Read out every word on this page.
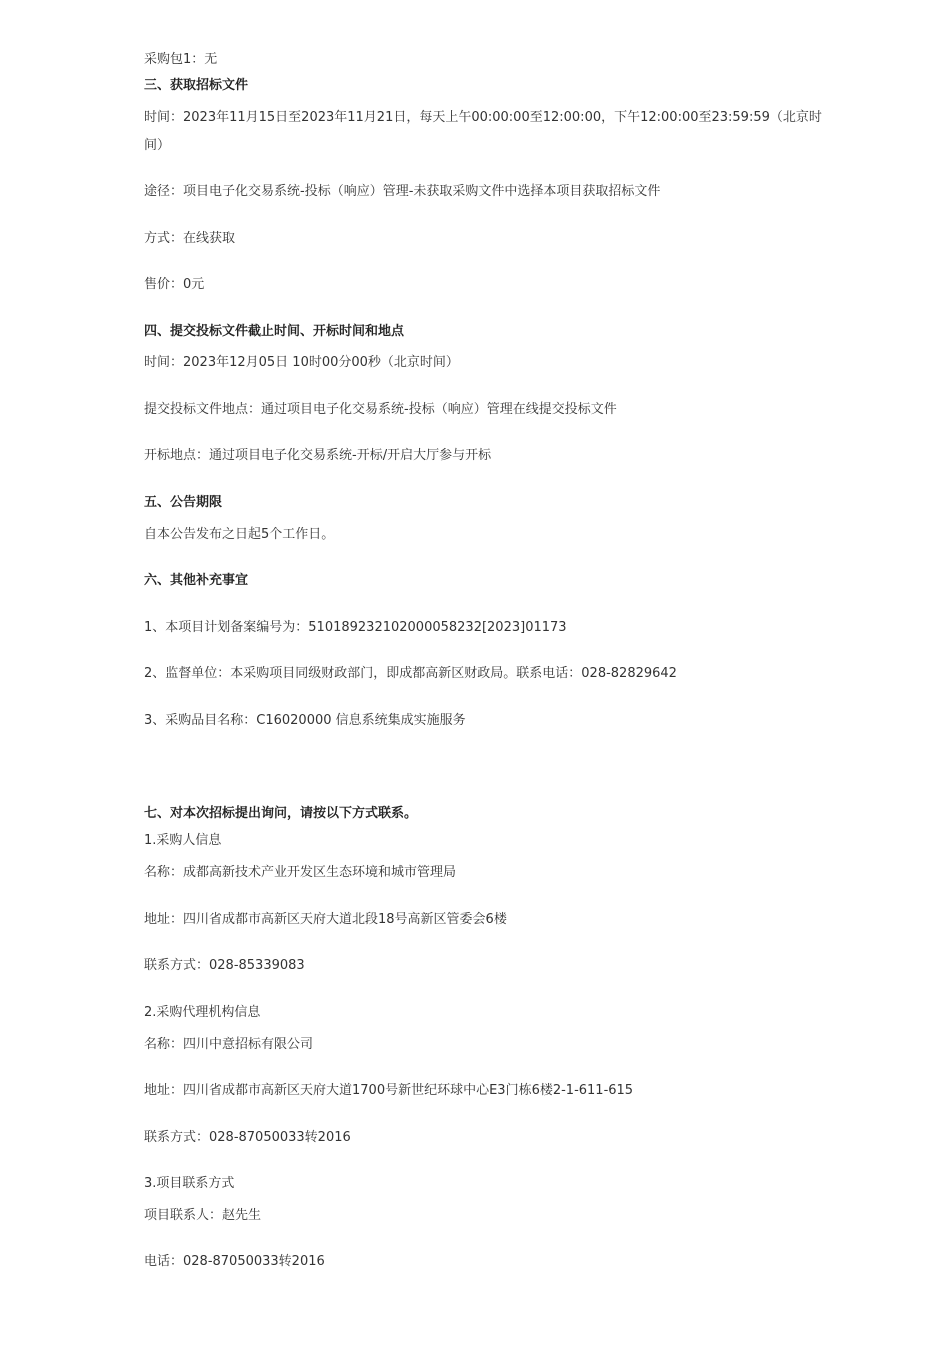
采购包1：无
三、获取招标文件
时间：2023年11月15日至2023年11月21日，每天上午00:00:00至12:00:00，下午12:00:00至23:59:59（北京时间）
途径：项目电子化交易系统-投标（响应）管理-未获取采购文件中选择本项目获取招标文件
方式：在线获取
售价：0元
四、提交投标文件截止时间、开标时间和地点
时间：2023年12月05日 10时00分00秒（北京时间）
提交投标文件地点：通过项目电子化交易系统-投标（响应）管理在线提交投标文件
开标地点：通过项目电子化交易系统-开标/开启大厅参与开标
五、公告期限
自本公告发布之日起5个工作日。
六、其他补充事宜
1、本项目计划备案编号为：510189232102000058232[2023]01173
2、监督单位：本采购项目同级财政部门，即成都高新区财政局。联系电话：028-82829642
3、采购品目名称：C16020000 信息系统集成实施服务
七、对本次招标提出询问，请按以下方式联系。
1.采购人信息
名称：成都高新技术产业开发区生态环境和城市管理局
地址：四川省成都市高新区天府大道北段18号高新区管委会6楼
联系方式：028-85339083
2.采购代理机构信息
名称：四川中意招标有限公司
地址：四川省成都市高新区天府大道1700号新世纪环球中心E3门栋6楼2-1-611-615
联系方式：028-87050033转2016
3.项目联系方式
项目联系人：赵先生
电话：028-87050033转2016
